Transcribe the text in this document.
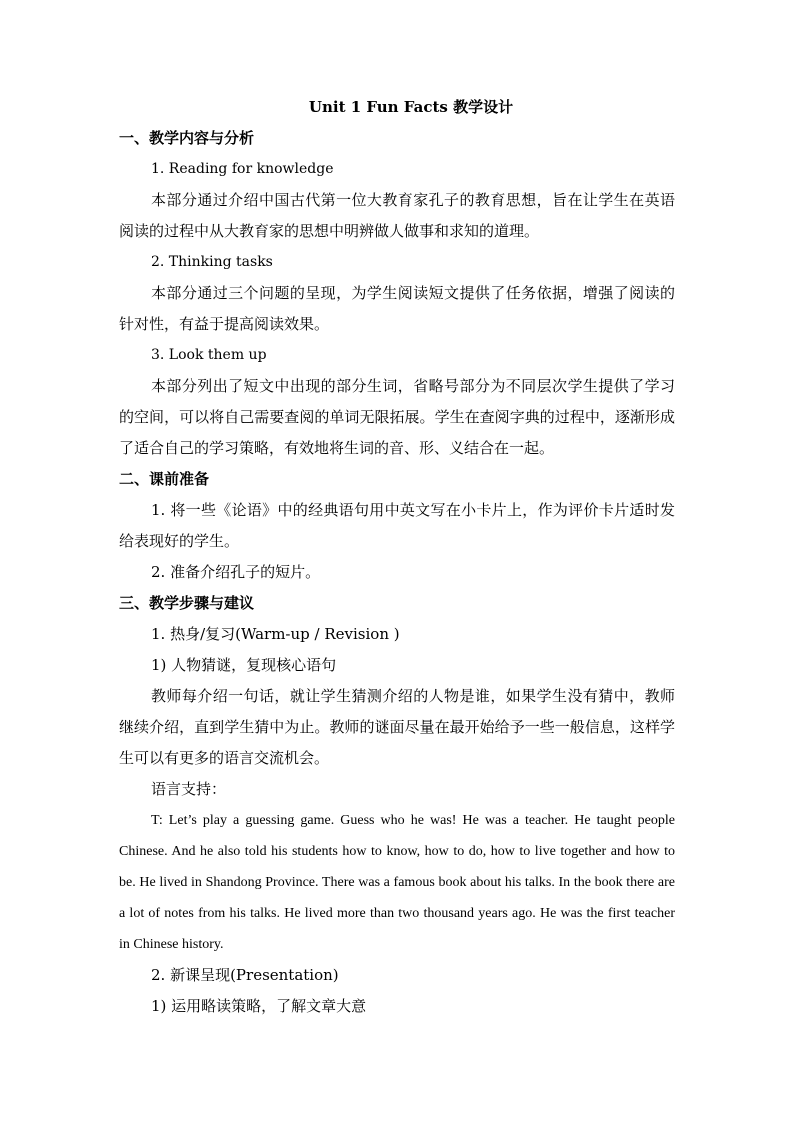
Unit 1 Fun Facts 教学设计

一、教学内容与分析

1. Reading for knowledge

本部分通过介绍中国古代第一位大教育家孔子的教育思想，旨在让学生在英语阅读的过程中从大教育家的思想中明辨做人做事和求知的道理。

2. Thinking tasks

本部分通过三个问题的呈现，为学生阅读短文提供了任务依据，增强了阅读的针对性，有益于提高阅读效果。

3. Look them up

本部分列出了短文中出现的部分生词，省略号部分为不同层次学生提供了学习的空间，可以将自己需要查阅的单词无限拓展。学生在查阅字典的过程中，逐渐形成了适合自己的学习策略，有效地将生词的音、形、义结合在一起。

二、课前准备

1. 将一些《论语》中的经典语句用中英文写在小卡片上，作为评价卡片适时发给表现好的学生。

2. 准备介绍孔子的短片。

三、教学步骤与建议

1. 热身/复习(Warm-up / Revision )

1) 人物猜谜，复现核心语句

教师每介绍一句话，就让学生猜测介绍的人物是谁，如果学生没有猜中，教师继续介绍，直到学生猜中为止。教师的谜面尽量在最开始给予一些一般信息，这样学生可以有更多的语言交流机会。

语言支持：

T: Let’s play a guessing game. Guess who he was! He was a teacher. He taught people Chinese. And he also told his students how to know, how to do, how to live together and how to be. He lived in Shandong Province. There was a famous book about his talks. In the book there are a lot of notes from his talks. He lived more than two thousand years ago. He was the first teacher in Chinese history.

2. 新课呈现(Presentation)

1) 运用略读策略，了解文章大意
